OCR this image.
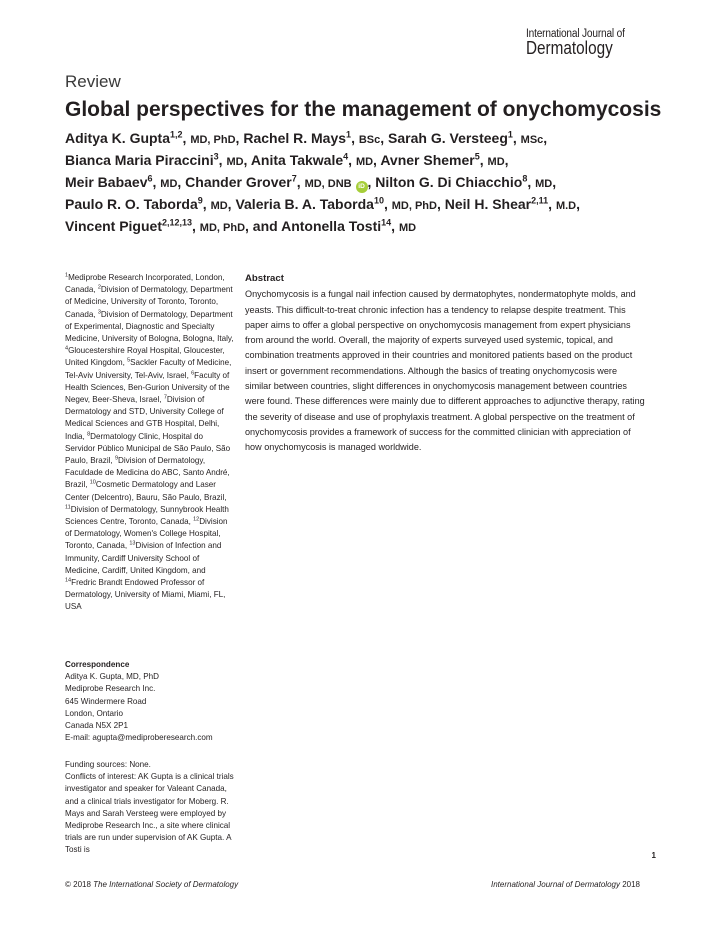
International Journal of
Dermatology
Review
Global perspectives for the management of onychomycosis
Aditya K. Gupta$^{1,2}$, MD, PhD, Rachel R. Mays$^1$, BSc, Sarah G. Versteeg$^1$, MSc,
Bianca Maria Piraccini$^3$, MD, Anita Takwale$^4$, MD, Avner Shemer$^5$, MD,
Meir Babaev$^6$, MD, Chander Grover$^7$, MD, DNB iD , Nilton G. Di Chiacchio$^8$, MD,
Paulo R. O. Taborda$^9$, MD, Valeria B. A. Taborda$^{10}$, MD, PhD, Neil H. Shear$^{2,11}$, M.D,
Vincent Piguet$^{2,12,13}$, MD, PhD, and Antonella Tosti$^{14}$, MD
$^1$Mediprobe Research Incorporated, London, Canada, $^2$Division of Dermatology, Department of Medicine, University of Toronto, Toronto, Canada, $^3$Division of Dermatology, Department of Experimental, Diagnostic and Specialty Medicine, University of Bologna, Bologna, Italy, $^4$Gloucestershire Royal Hospital, Gloucester, United Kingdom, $^5$Sackler Faculty of Medicine, Tel-Aviv University, Tel-Aviv, Israel, $^6$Faculty of Health Sciences, Ben-Gurion University of the Negev, Beer-Sheva, Israel, $^7$Division of Dermatology and STD, University College of Medical Sciences and GTB Hospital, Delhi, India, $^8$Dermatology Clinic, Hospital do Servidor Público Municipal de São Paulo, São Paulo, Brazil, $^9$Division of Dermatology, Faculdade de Medicina do ABC, Santo André, Brazil, $^{10}$Cosmetic Dermatology and Laser Center (Delcentro), Bauru, São Paulo, Brazil, $^{11}$Division of Dermatology, Sunnybrook Health Sciences Centre, Toronto, Canada, $^{12}$Division of Dermatology, Women's College Hospital, Toronto, Canada, $^{13}$Division of Infection and Immunity, Cardiff University School of Medicine, Cardiff, United Kingdom, and $^{14}$Fredric Brandt Endowed Professor of Dermatology, University of Miami, Miami, FL, USA
Correspondence
Aditya K. Gupta, MD, PhD
Mediprobe Research Inc.
645 Windermere Road
London, Ontario
Canada N5X 2P1
E-mail: agupta@mediproberesearch.com
Funding sources: None.
Conflicts of interest: AK Gupta is a clinical trials investigator and speaker for Valeant Canada, and a clinical trials investigator for Moberg. R. Mays and Sarah Versteeg were employed by Mediprobe Research Inc., a site where clinical trials are run under supervision of AK Gupta. A Tosti is
Abstract
Onychomycosis is a fungal nail infection caused by dermatophytes, nondermatophyte molds, and yeasts. This difficult-to-treat chronic infection has a tendency to relapse despite treatment. This paper aims to offer a global perspective on onychomycosis management from expert physicians from around the world. Overall, the majority of experts surveyed used systemic, topical, and combination treatments approved in their countries and monitored patients based on the product insert or government recommendations. Although the basics of treating onychomycosis were similar between countries, slight differences in onychomycosis management between countries were found. These differences were mainly due to different approaches to adjunctive therapy, rating the severity of disease and use of prophylaxis treatment. A global perspective on the treatment of onychomycosis provides a framework of success for the committed clinician with appreciation of how onychomycosis is managed worldwide.
1
© 2018 The International Society of Dermatology	International Journal of Dermatology 2018
